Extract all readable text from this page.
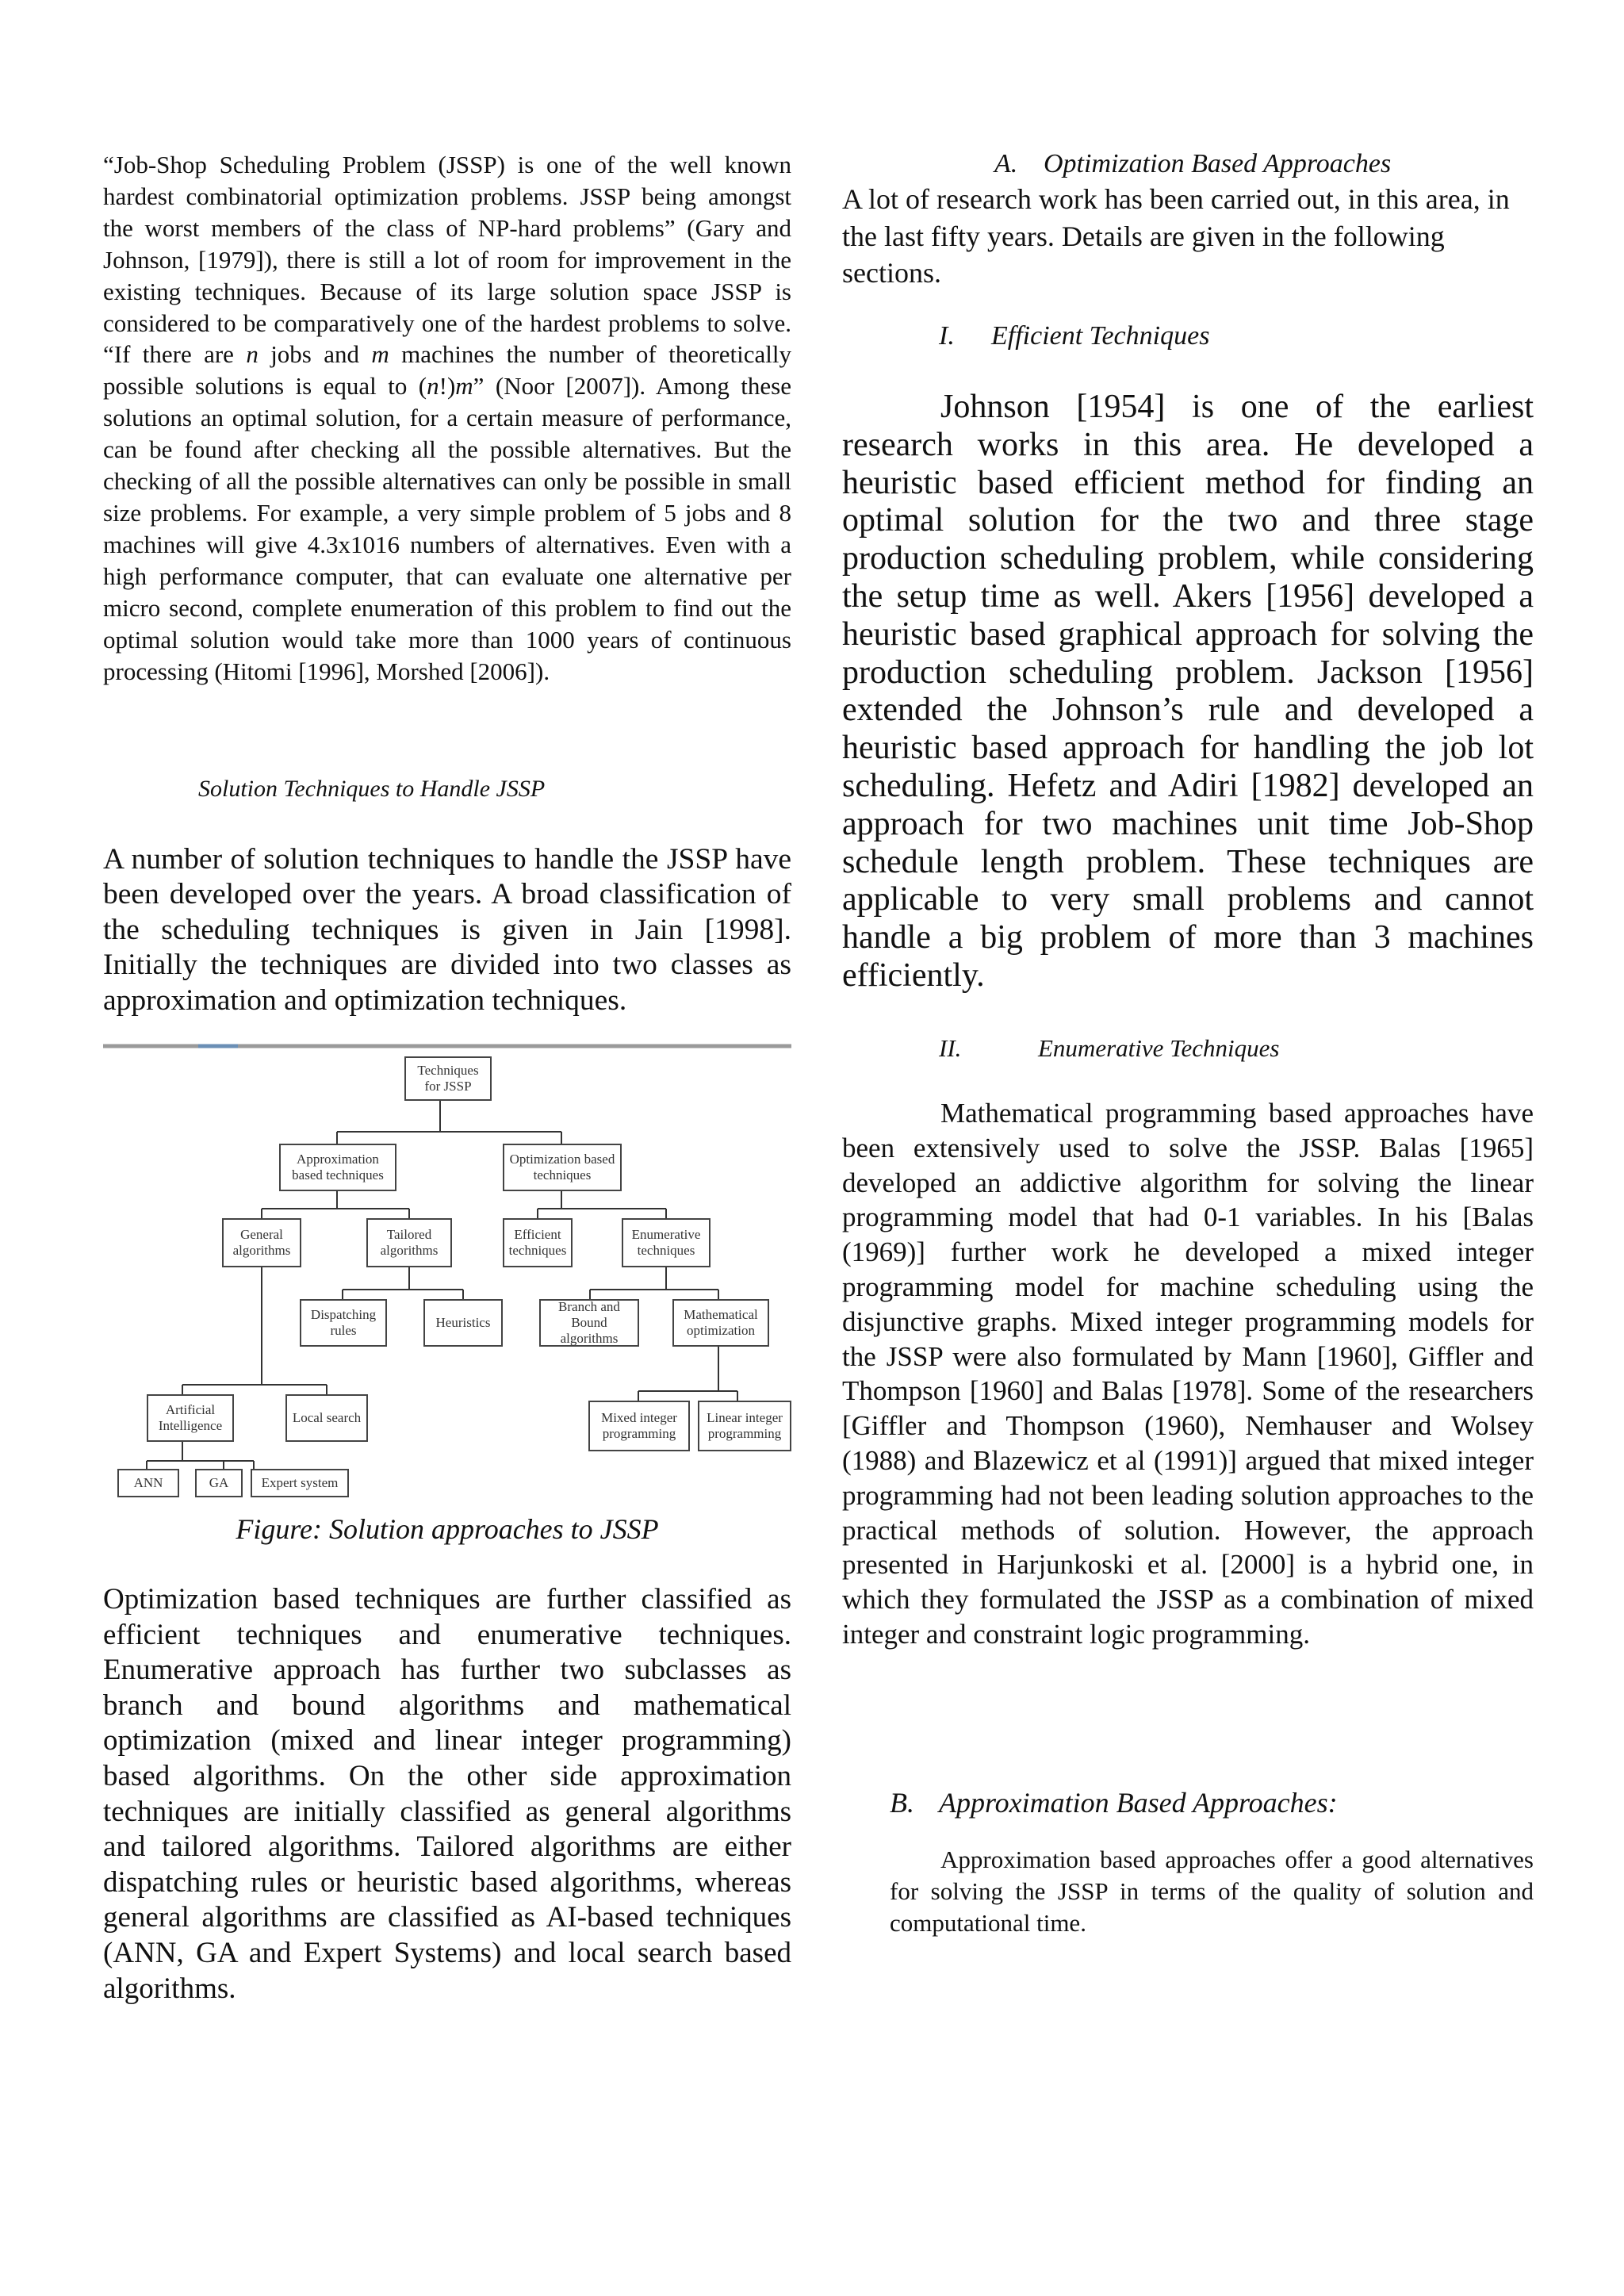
“Job-Shop Scheduling Problem (JSSP) is one of the well known hardest combinatorial optimization problems. JSSP being amongst the worst members of the class of NP-hard problems” (Gary and Johnson, [1979]), there is still a lot of room for improvement in the existing techniques. Because of its large solution space JSSP is considered to be comparatively one of the hardest problems to solve. “If there are n jobs and m machines the number of theoretically possible solutions is equal to (n!)m” (Noor [2007]). Among these solutions an optimal solution, for a certain measure of performance, can be found after checking all the possible alternatives. But the checking of all the possible alternatives can only be possible in small size problems. For example, a very simple problem of 5 jobs and 8 machines will give 4.3x1016 numbers of alternatives. Even with a high performance computer, that can evaluate one alternative per micro second, complete enumeration of this problem to find out the optimal solution would take more than 1000 years of continuous processing (Hitomi [1996], Morshed [2006]).

Solution Techniques to Handle JSSP

A number of solution techniques to handle the JSSP have been developed over the years. A broad classification of the scheduling techniques is given in Jain [1998]. Initially the techniques are divided into two classes as approximation and optimization techniques.

Techniques for JSSP
Approximation based techniques
Optimization based techniques
General algorithms
Tailored algorithms
Efficient techniques
Enumerative techniques
Dispatching rules
Heuristics
Branch and Bound algorithms
Mathematical optimization
Artificial Intelligence
Local search	Mixed integer programming
Linear integer programming
ANN	GA	Expert system
Figure: Solution approaches to JSSP

Optimization based techniques are further classified as efficient techniques and enumerative techniques. Enumerative approach has further two subclasses as branch and bound algorithms and mathematical optimization (mixed and linear integer programming) based algorithms. On the other side approximation techniques are initially classified as general algorithms and tailored algorithms. Tailored algorithms are either dispatching rules or heuristic based algorithms, whereas general algorithms are classified as AI-based techniques (ANN, GA and Expert Systems) and local search based algorithms.

A. Optimization Based Approaches

A lot of research work has been carried out, in this area, in the last fifty years. Details are given in the following sections.

I. Efficient Techniques

Johnson [1954] is one of the earliest research works in this area. He developed a heuristic based efficient method for finding an optimal solution for the two and three stage production scheduling problem, while considering the setup time as well. Akers [1956] developed a heuristic based graphical approach for solving the production scheduling problem. Jackson [1956] extended the Johnson’s rule and developed a heuristic based approach for handling the job lot scheduling. Hefetz and Adiri [1982] developed an approach for two machines unit time Job-Shop schedule length problem. These techniques are applicable to very small problems and cannot handle a big problem of more than 3 machines efficiently.

II.	Enumerative Techniques

Mathematical programming based approaches have been extensively used to solve the JSSP. Balas [1965] developed an addictive algorithm for solving the linear programming model that had 0-1 variables. In his [Balas (1969)] further work he developed a mixed integer programming model for machine scheduling using the disjunctive graphs. Mixed integer programming models for the JSSP were also formulated by Mann [1960], Giffler and Thompson [1960] and Balas [1978]. Some of the researchers [Giffler and Thompson (1960), Nemhauser and Wolsey (1988) and Blazewicz et al (1991)] argued that mixed integer programming had not been leading solution approaches to the practical methods of solution. However, the approach presented in Harjunkoski et al. [2000] is a hybrid one, in which they formulated the JSSP as a combination of mixed integer and constraint logic programming.

B. Approximation Based Approaches:

Approximation based approaches offer a good alternatives for solving the JSSP in terms of the quality of solution and computational time.
